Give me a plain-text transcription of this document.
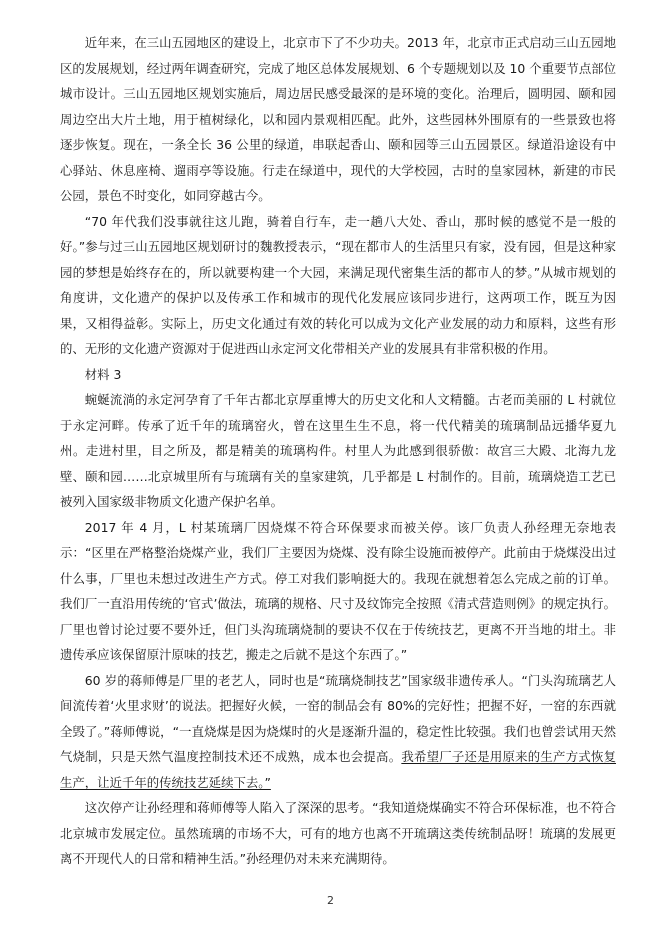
近年来，在三山五园地区的建设上，北京市下了不少功夫。2013 年，北京市正式启动三山五园地区的发展规划，经过两年调查研究，完成了地区总体发展规划、6 个专题规划以及 10 个重要节点部位城市设计。三山五园地区规划实施后，周边居民感受最深的是环境的变化。治理后，圆明园、颐和园周边空出大片土地，用于植树绿化，以和园内景观相匹配。此外，这些园林外围原有的一些景致也将逐步恢复。现在，一条全长 36 公里的绿道，串联起香山、颐和园等三山五园景区。绿道沿途设有中心驿站、休息座椅、遛雨亭等设施。行走在绿道中，现代的大学校园，古时的皇家园林，新建的市民公园，景色不时变化，如同穿越古今。

“70 年代我们没事就往这儿跑，骑着自行车，走一趟八大处、香山，那时候的感觉不是一般的好。”参与过三山五园地区规划研讨的魏教授表示，“现在都市人的生活里只有家，没有园，但是这种家园的梦想是始终存在的，所以就要构建一个大园，来满足现代密集生活的都市人的梦。”从城市规划的角度讲，文化遗产的保护以及传承工作和城市的现代化发展应该同步进行，这两项工作，既互为因果，又相得益彰。实际上，历史文化通过有效的转化可以成为文化产业发展的动力和原料，这些有形的、无形的文化遗产资源对于促进西山永定河文化带相关产业的发展具有非常积极的作用。

材料 3

蜿蜒流淌的永定河孕育了千年古都北京厚重博大的历史文化和人文精髓。古老而美丽的 L 村就位于永定河畔。传承了近千年的琉璃窑火，曾在这里生生不息，将一代代精美的琉璃制品远播华夏九州。走进村里，目之所及，都是精美的琉璃构件。村里人为此感到很骄傲：故宫三大殿、北海九龙壁、颐和园……北京城里所有与琉璃有关的皇家建筑，几乎都是 L 村制作的。目前，琉璃烧造工艺已被列入国家级非物质文化遗产保护名单。

2017 年 4 月，L 村某琉璃厂因烧煤不符合环保要求而被关停。该厂负责人孙经理无奈地表示：“区里在严格整治烧煤产业，我们厂主要因为烧煤、没有除尘设施而被停产。此前由于烧煤没出过什么事，厂里也未想过改进生产方式。停工对我们影响挺大的。我现在就想着怎么完成之前的订单。我们厂一直沿用传统的‘官式’做法，琉璃的规格、尺寸及纹饰完全按照《清式营造则例》的规定执行。厂里也曾讨论过要不要外迁，但门头沟琉璃烧制的要诀不仅在于传统技艺，更离不开当地的坩土。非遗传承应该保留原汁原味的技艺，搬走之后就不是这个东西了。”

60 岁的蒋师傅是厂里的老艺人，同时也是“琉璃烧制技艺”国家级非遗传承人。“门头沟琉璃艺人间流传着‘火里求财’的说法。把握好火候，一窑的制品会有 80%的完好性；把握不好，一窑的东西就全毁了。”蒋师傅说，“一直烧煤是因为烧煤时的火是逐渐升温的，稳定性比较强。我们也曾尝试用天然气烧制，只是天然气温度控制技术还不成熟，成本也会提高。我希望厂子还是用原来的生产方式恢复生产，让近千年的传统技艺延续下去。”

这次停产让孙经理和蒋师傅等人陷入了深深的思考。“我知道烧煤确实不符合环保标准，也不符合北京城市发展定位。虽然琉璃的市场不大，可有的地方也离不开琉璃这类传统制品呀！琉璃的发展更离不开现代人的日常和精神生活。”孙经理仍对未来充满期待。

2
